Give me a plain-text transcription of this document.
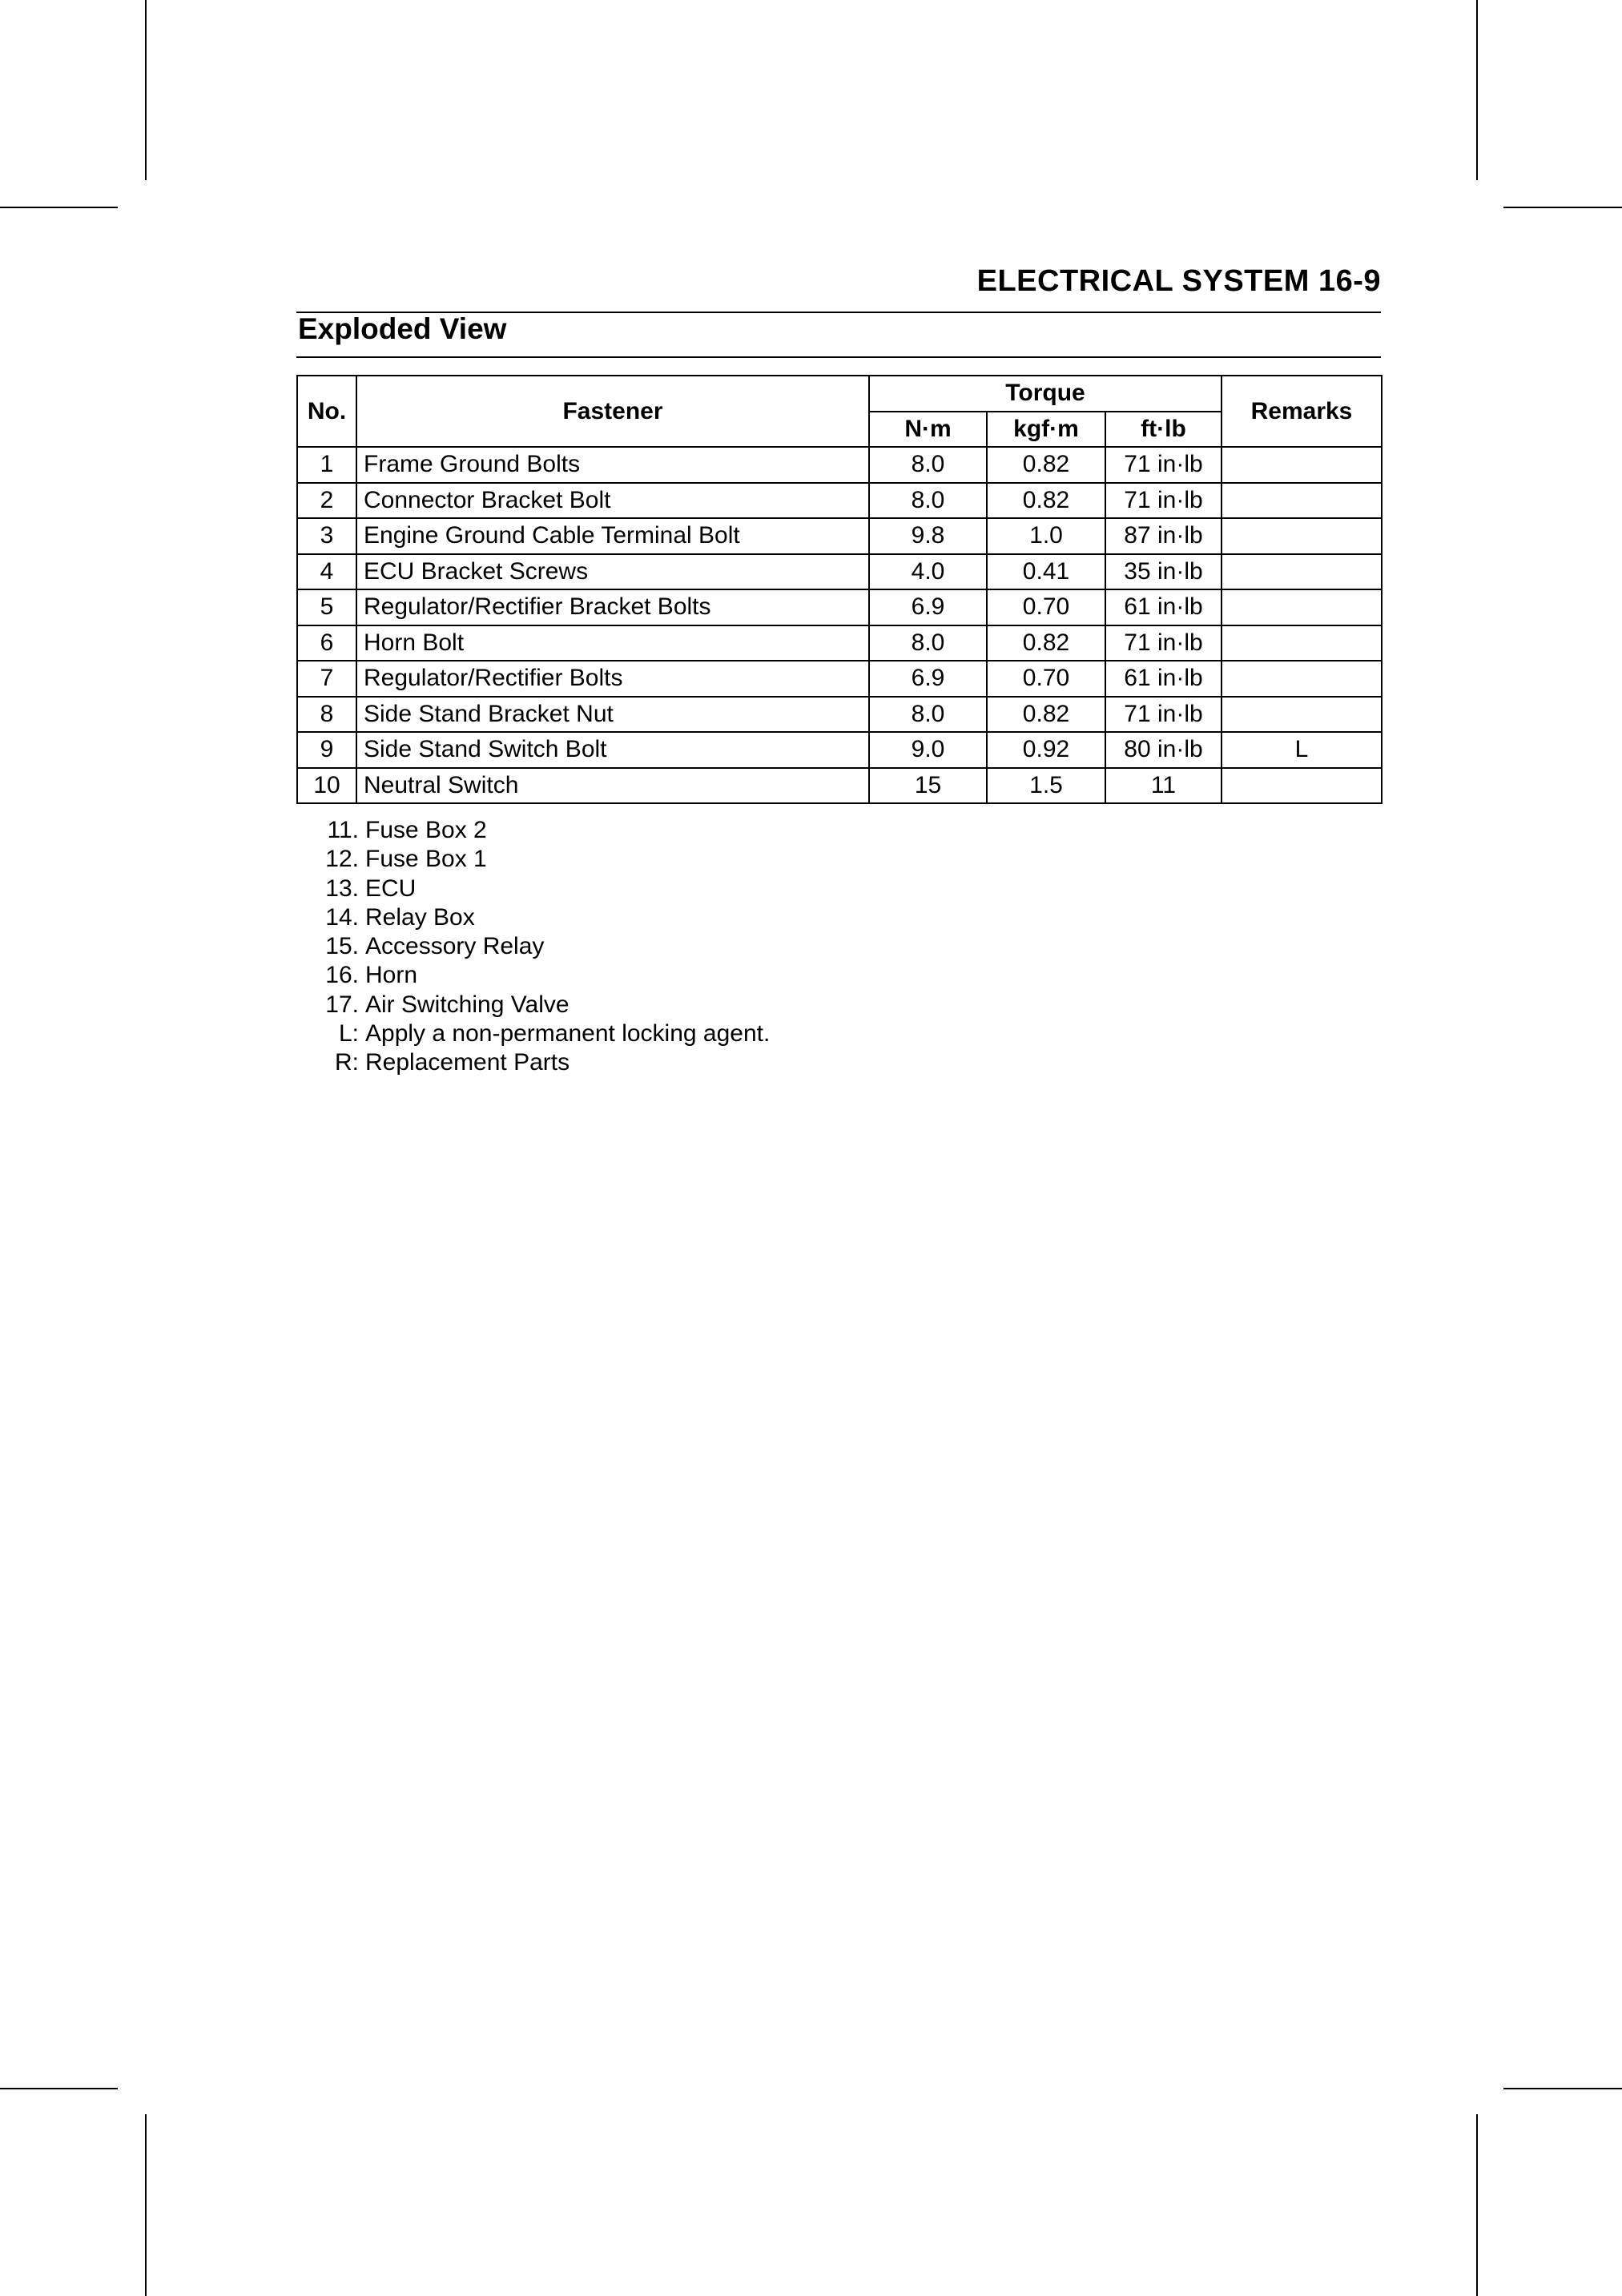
ELECTRICAL SYSTEM 16-9
Exploded View
No.	Fastener	Torque			Remarks
		N·m	kgf·m	ft·lb	
1	Frame Ground Bolts	8.0	0.82	71 in·lb	
2	Connector Bracket Bolt	8.0	0.82	71 in·lb	
3	Engine Ground Cable Terminal Bolt	9.8	1.0	87 in·lb	
4	ECU Bracket Screws	4.0	0.41	35 in·lb	
5	Regulator/Rectifier Bracket Bolts	6.9	0.70	61 in·lb	
6	Horn Bolt	8.0	0.82	71 in·lb	
7	Regulator/Rectifier Bolts	6.9	0.70	61 in·lb	
8	Side Stand Bracket Nut	8.0	0.82	71 in·lb	
9	Side Stand Switch Bolt	9.0	0.92	80 in·lb	L
10	Neutral Switch	15	1.5	11	
11. Fuse Box 2
12. Fuse Box 1
13. ECU
14. Relay Box
15. Accessory Relay
16. Horn
17. Air Switching Valve
L: Apply a non-permanent locking agent.
R: Replacement Parts
